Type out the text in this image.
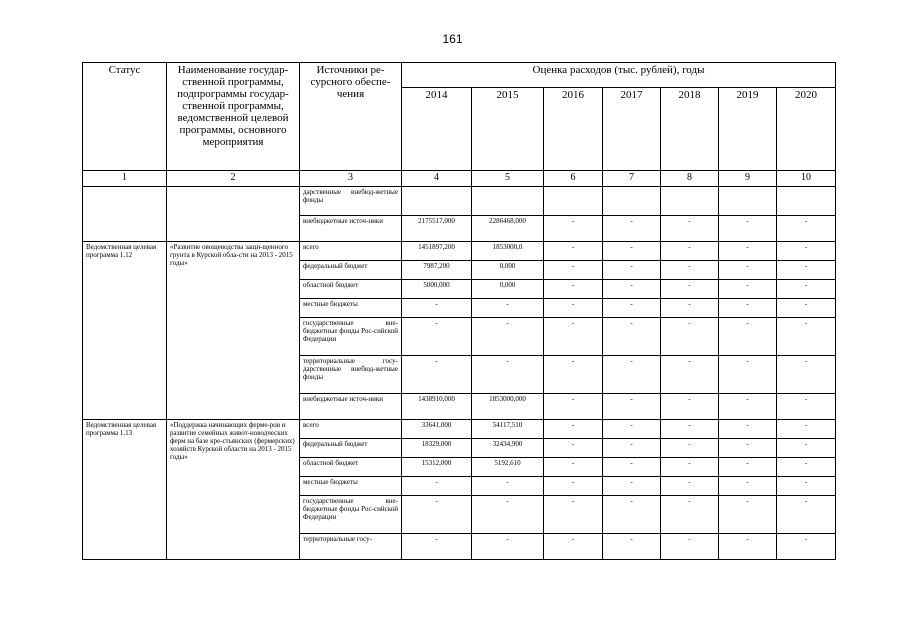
161
Статус	Наименование государ-ственной программы, подпрограммы государ-ственной программы, ведомственной целевой программы, основного мероприятия	Источники ре-сурсного обеспе-чения	Оценка расходов (тыс. рублей), годы						
			2014	2015	2016	2017	2018	2019	2020
1	2	3	4	5	6	7	8	9	10
		дарственные внебюд-жетные фонды							
		внебюджетные источ-ники	2175517,000	2286468,000	-	-	-	-	-
Ведомственная целевая программа 1.12	«Развитие овощеводства защи-щенного грунта в Курской обла-сти на 2013 - 2015 годы»	всего	1451897,200	1853000,0	-	-	-	-	-
		федеральный бюджет	7987,200	0,000	-	-	-	-	-
		областной бюджет	5000,000	0,000	-	-	-	-	-
		местные бюджеты	-	-	-	-	-	-	-
		государственные вне-бюджетные фонды Рос-сийской Федерации	-	-	-	-	-	-	-
		территориальные госу-дарственные внебюд-жетные фонды	-	-	-	-	-	-	-
		внебюджетные источ-ники	1438910,000	1853000,000	-	-	-	-	-
Ведомственная целевая программа 1.13	«Поддержка начинающих ферме-ров и развитие семейных живот-новодческих ферм на базе кре-стьянских (фермерских) хозяйств Курской области на 2013 - 2015 годы»	всего	33641,000	54117,510	-	-	-	-	-
		федеральный бюджет	18329,000	32434,900	-	-	-	-	-
		областной бюджет	15312,000	5192,610	-	-	-	-	-
		местные бюджеты	-	-	-	-	-	-	-
		государственные вне-бюджетные фонды Рос-сийской Федерации	-	-	-	-	-	-	-
		территориальные госу-	-	-	-	-	-	-	-
